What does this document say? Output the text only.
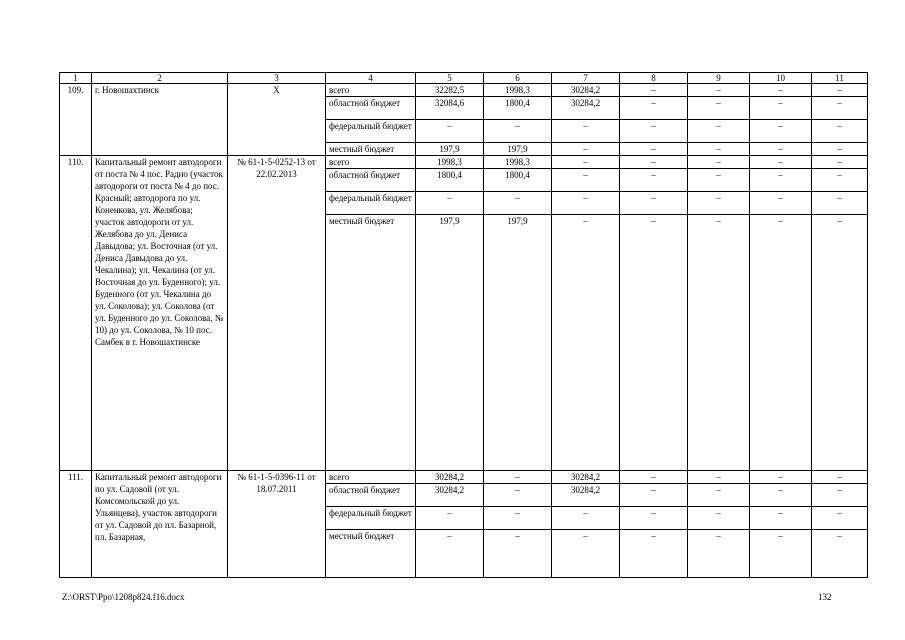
1	2	3	4	5	6	7	8	9	10	11
109.	г. Новошахтинск	Х	всего	32282,5	1998,3	30284,2	–	–	–	–
			областной бюджет	32084,6	1800,4	30284,2	–	–	–	–
			федеральный бюджет	–	–	–	–	–	–	–
			местный бюджет	197,9	197,9	–	–	–	–	–
110.	Капитальный ремонт автодороги от поста № 4 пос. Радио (участок автодороги от поста № 4 до пос. Красный; автодорога по ул. Коненкова, ул. Желябова; участок автодороги от ул. Желябова до ул. Дениса Давыдова; ул. Восточная (от ул. Дениса Давыдова до ул. Чекалина); ул. Чекалина (от ул. Восточная до ул. Буденного); ул. Буденного (от ул. Чекалина до ул. Соколова); ул. Соколова (от ул. Буденного до ул. Соколова, № 10) до ул. Соколова, № 10 пос. Самбек в г. Новошахтинске	№ 61-1-5-0252-13 от 22.02.2013	всего	1998,3	1998,3	–	–	–	–	–
			областной бюджет	1800,4	1800,4	–	–	–	–	–
			федеральный бюджет	–	–	–	–	–	–	–
			местный бюджет	197,9	197,9	–	–	–	–	–
111.	Капитальный ремонт автодороги по ул. Садовой (от ул. Комсомольской до ул. Ульянцева), участок автодороги от ул. Садовой до пл. Базарной, пл. Базарная,	№ 61-1-5-0396-11 от 18.07.2011	всего	30284,2	–	30284,2	–	–	–	–
			областной бюджет	30284,2	–	30284,2	–	–	–	–
			федеральный бюджет	–	–	–	–	–	–	–
			местный бюджет	–	–	–	–	–	–	–
Z:\ORST\Ppo\1208p824.f16.docx	132
